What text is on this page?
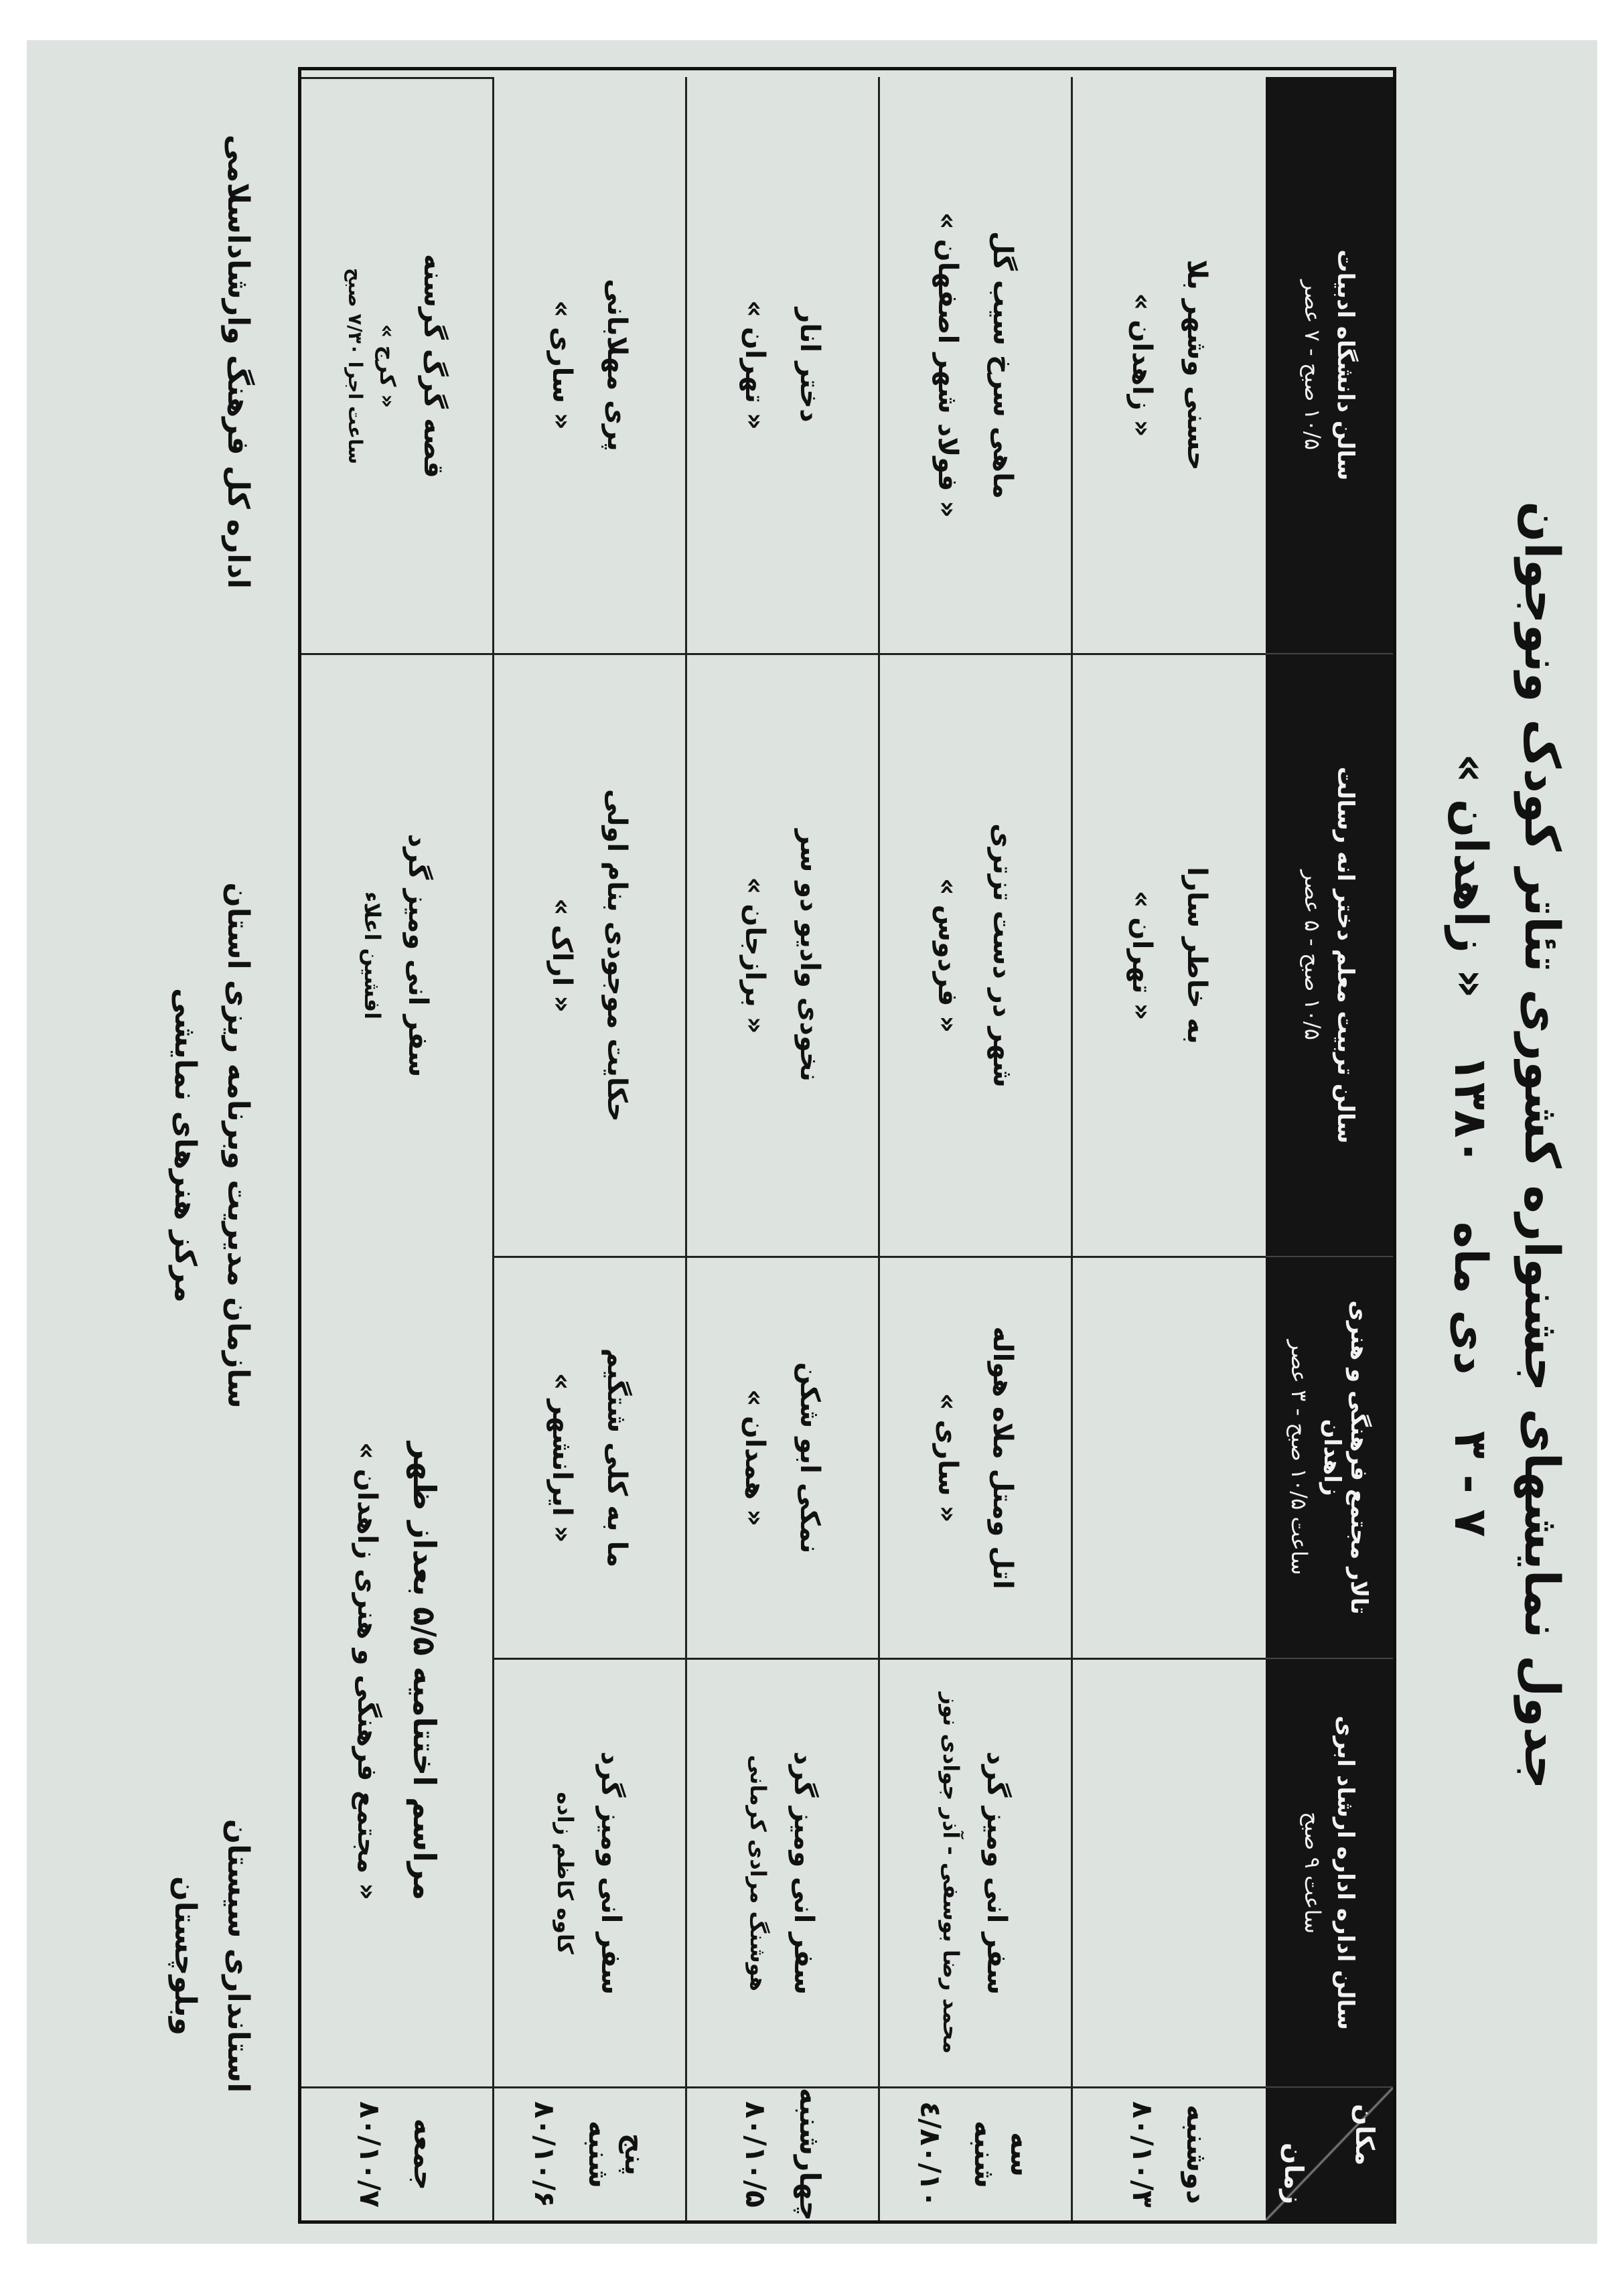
جدول نمایشهای جشنواره کشوری تئاتر کودک ونوجوان
۷ - ۳ دی ماه ۱۳۸۰ « زاهدان »
مکان
زمان
سالن اداره اداره ارشاد ابری
ساعت ۹ صبح
تالار مجتمع فرهنگی و هنری زاهدان
ساعت ۱۰/۵ صبح - ۳ عصر
سالن تربیت معلم دختر انه رسالت
۱۰/۵ صبح - ۵ عصر
سالن دانشگاه ادبیات
۱۰/۵ صبح - ۷ عصر
دوشنبه
۸۰/۱۰/۳
به خاطر سارا
« تهران »
حسنی وشهر بلا
« زاهدان »
سه شنبه
۸۰/۱۰/٤
سفر انی ومیز گرد
محمد رضا بوسفی - آذر جوادی نوز
اتل ومتل ملاه هواله
« ساری »
شهر در دست تزتری
« فردوس »
ماهی سرخ سیب گل
« فولاد شهر اصفهان »
چهارشنبه
۸۰/۱۰/۵
سفر انی ومیز گرد
هوشنگ مرادی کرمانی
نمکی ابو شکن
« همدان »
نخودی وادیو دو سر
« برازجان »
دختر انار
« تهران »
پنج شنبه
۸۰/۱۰/۶
سفر انی ومیز گرد
کاوه کاظم زاده
ما به کلی شتگیم
« ایرانشهر »
حکایت موجودی بنام اولی
« اراک »
پری مهلابانی
« ساری »
جمعه
۸۰/۱۰/۷
سفر انی ومیز گرد
افشین اعلاء
قصه گرگ گرسنه
« کرج »
ساعت اجرا ۷/۳۰ صبح
مراسم اختتامیه ۵/۵ بعداز ظهر
« مجتمع فرهنگی و هنری زاهدان »
استانداری سیستان وبلوچستان
سازمان مدیریت وبرنامه ریزی استان
مرکز هنرهای نمایشی
اداره کل فرهنگ وارشاداسلامی
